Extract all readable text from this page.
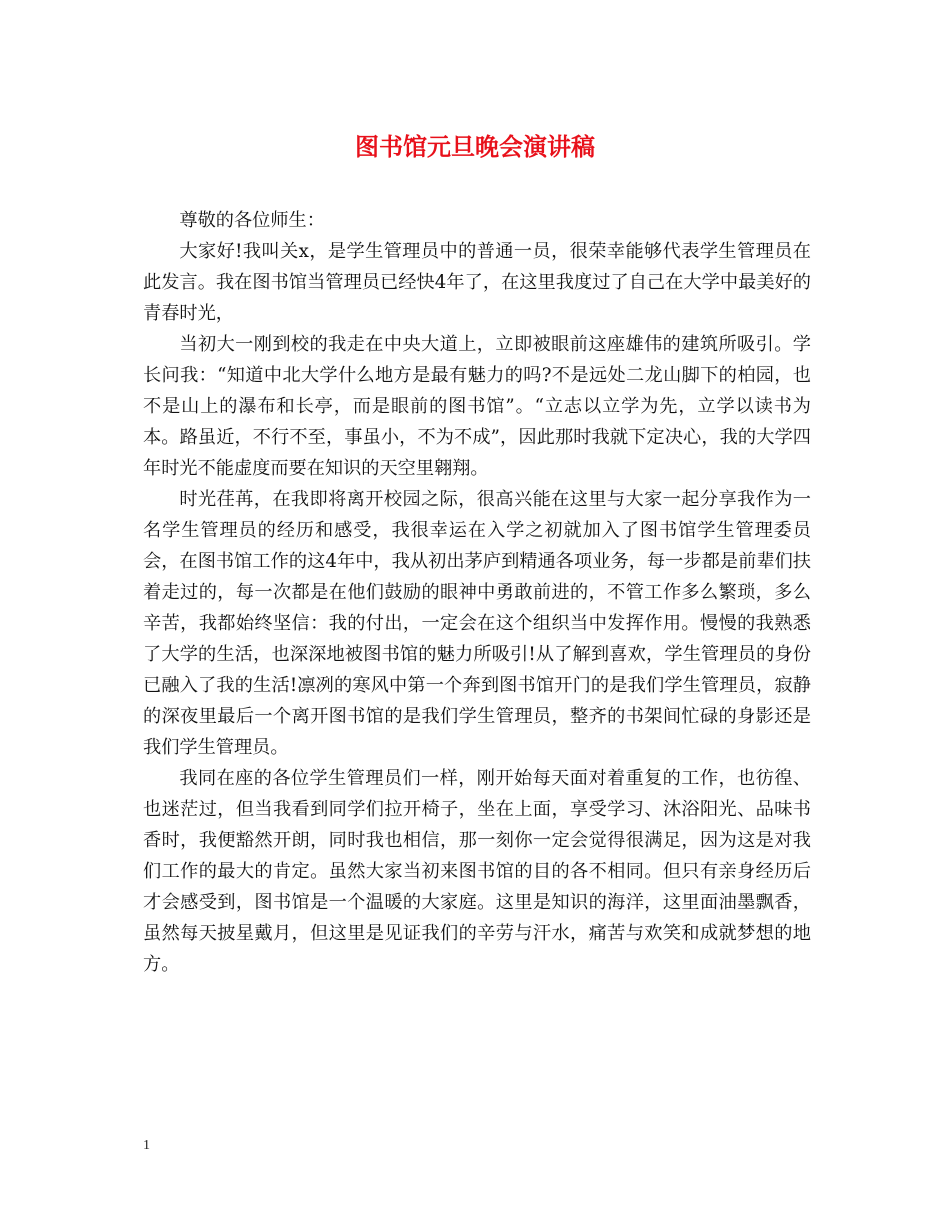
图书馆元旦晚会演讲稿

尊敬的各位师生：

大家好!我叫关x，是学生管理员中的普通一员，很荣幸能够代表学生管理员在此发言。我在图书馆当管理员已经快4年了，在这里我度过了自己在大学中最美好的青春时光，

当初大一刚到校的我走在中央大道上，立即被眼前这座雄伟的建筑所吸引。学长问我：“知道中北大学什么地方是最有魅力的吗?不是远处二龙山脚下的柏园，也不是山上的瀑布和长亭，而是眼前的图书馆”。“立志以立学为先，立学以读书为本。路虽近，不行不至，事虽小，不为不成”，因此那时我就下定决心，我的大学四年时光不能虚度而要在知识的天空里翱翔。

时光荏苒，在我即将离开校园之际，很高兴能在这里与大家一起分享我作为一名学生管理员的经历和感受，我很幸运在入学之初就加入了图书馆学生管理委员会，在图书馆工作的这4年中，我从初出茅庐到精通各项业务，每一步都是前辈们扶着走过的，每一次都是在他们鼓励的眼神中勇敢前进的，不管工作多么繁琐，多么辛苦，我都始终坚信：我的付出，一定会在这个组织当中发挥作用。慢慢的我熟悉了大学的生活，也深深地被图书馆的魅力所吸引!从了解到喜欢，学生管理员的身份已融入了我的生活!凛冽的寒风中第一个奔到图书馆开门的是我们学生管理员，寂静的深夜里最后一个离开图书馆的是我们学生管理员，整齐的书架间忙碌的身影还是我们学生管理员。

我同在座的各位学生管理员们一样，刚开始每天面对着重复的工作，也彷徨、也迷茫过，但当我看到同学们拉开椅子，坐在上面，享受学习、沐浴阳光、品味书香时，我便豁然开朗，同时我也相信，那一刻你一定会觉得很满足，因为这是对我们工作的最大的肯定。虽然大家当初来图书馆的目的各不相同。但只有亲身经历后才会感受到，图书馆是一个温暖的大家庭。这里是知识的海洋，这里面油墨飘香，虽然每天披星戴月，但这里是见证我们的辛劳与汗水，痛苦与欢笑和成就梦想的地方。

1
